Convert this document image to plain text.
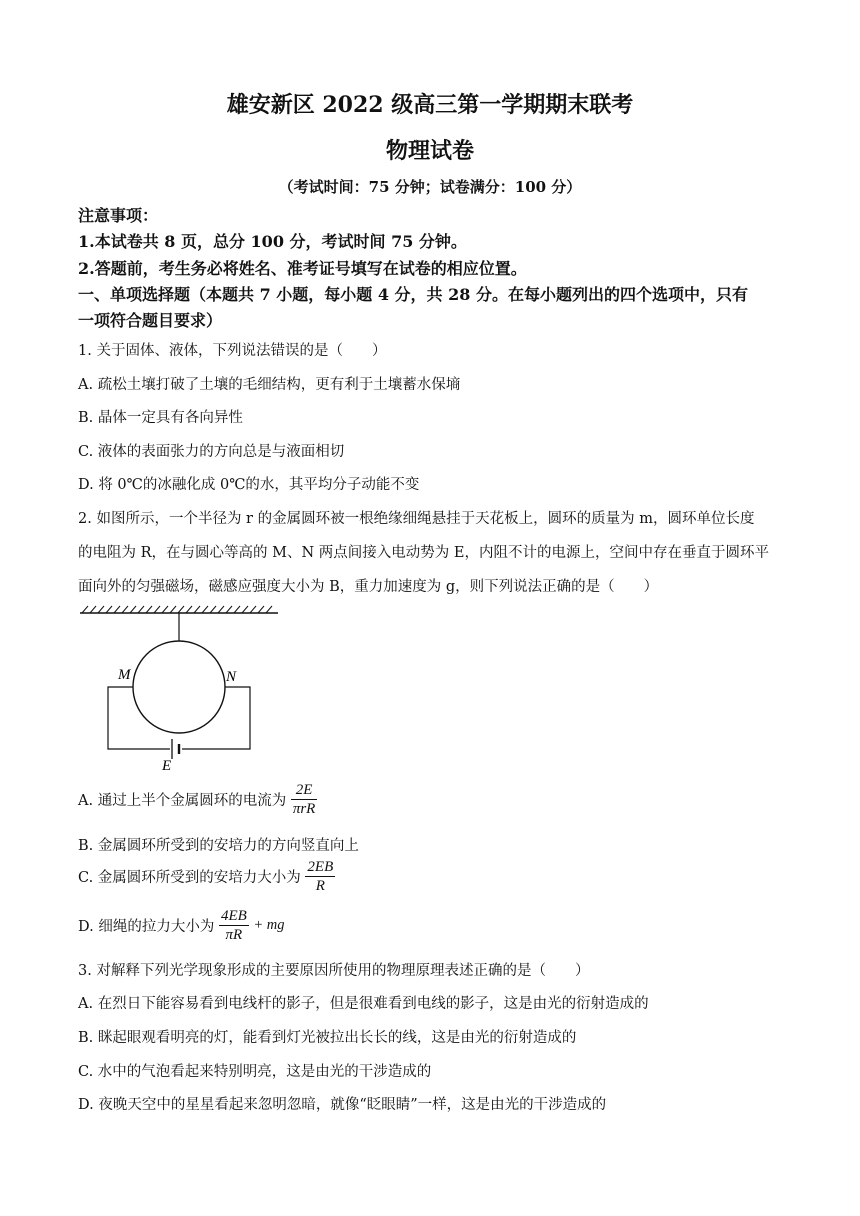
雄安新区 2022 级高三第一学期期末联考
物理试卷
（考试时间：75 分钟；试卷满分：100 分）
注意事项：
1.本试卷共 8 页，总分 100 分，考试时间 75 分钟。
2.答题前，考生务必将姓名、准考证号填写在试卷的相应位置。
一、单项选择题（本题共 7 小题，每小题 4 分，共 28 分。在每小题列出的四个选项中，只有
一项符合题目要求）
1. 关于固体、液体，下列说法错误的是（　　）
A. 疏松土壤打破了土壤的毛细结构，更有利于土壤蓄水保墒
B. 晶体一定具有各向异性
C. 液体的表面张力的方向总是与液面相切
D. 将 0℃的冰融化成 0℃的水，其平均分子动能不变
2. 如图所示，一个半径为 r 的金属圆环被一根绝缘细绳悬挂于天花板上，圆环的质量为 m，圆环单位长度
的电阻为 R，在与圆心等高的 M、N 两点间接入电动势为 E，内阻不计的电源上，空间中存在垂直于圆环平
面向外的匀强磁场，磁感应强度大小为 B，重力加速度为 g，则下列说法正确的是（　　）
M	N
E
A. 通过上半个金属圆环的电流为 $\frac{2E}{\text{πrR}}$
B. 金属圆环所受到的安培力的方向竖直向上
C. 金属圆环所受到的安培力大小为 $\frac{2EB}{R}$
D. 细绳的拉力大小为 $\frac{4EB}{\pi R}$ + mg
3. 对解释下列光学现象形成的主要原因所使用的物理原理表述正确的是（　　）
A. 在烈日下能容易看到电线杆的影子，但是很难看到电线的影子，这是由光的衍射造成的
B. 眯起眼观看明亮的灯，能看到灯光被拉出长长的线，这是由光的衍射造成的
C. 水中的气泡看起来特别明亮，这是由光的干涉造成的
D. 夜晚天空中的星星看起来忽明忽暗，就像“眨眼睛”一样，这是由光的干涉造成的
